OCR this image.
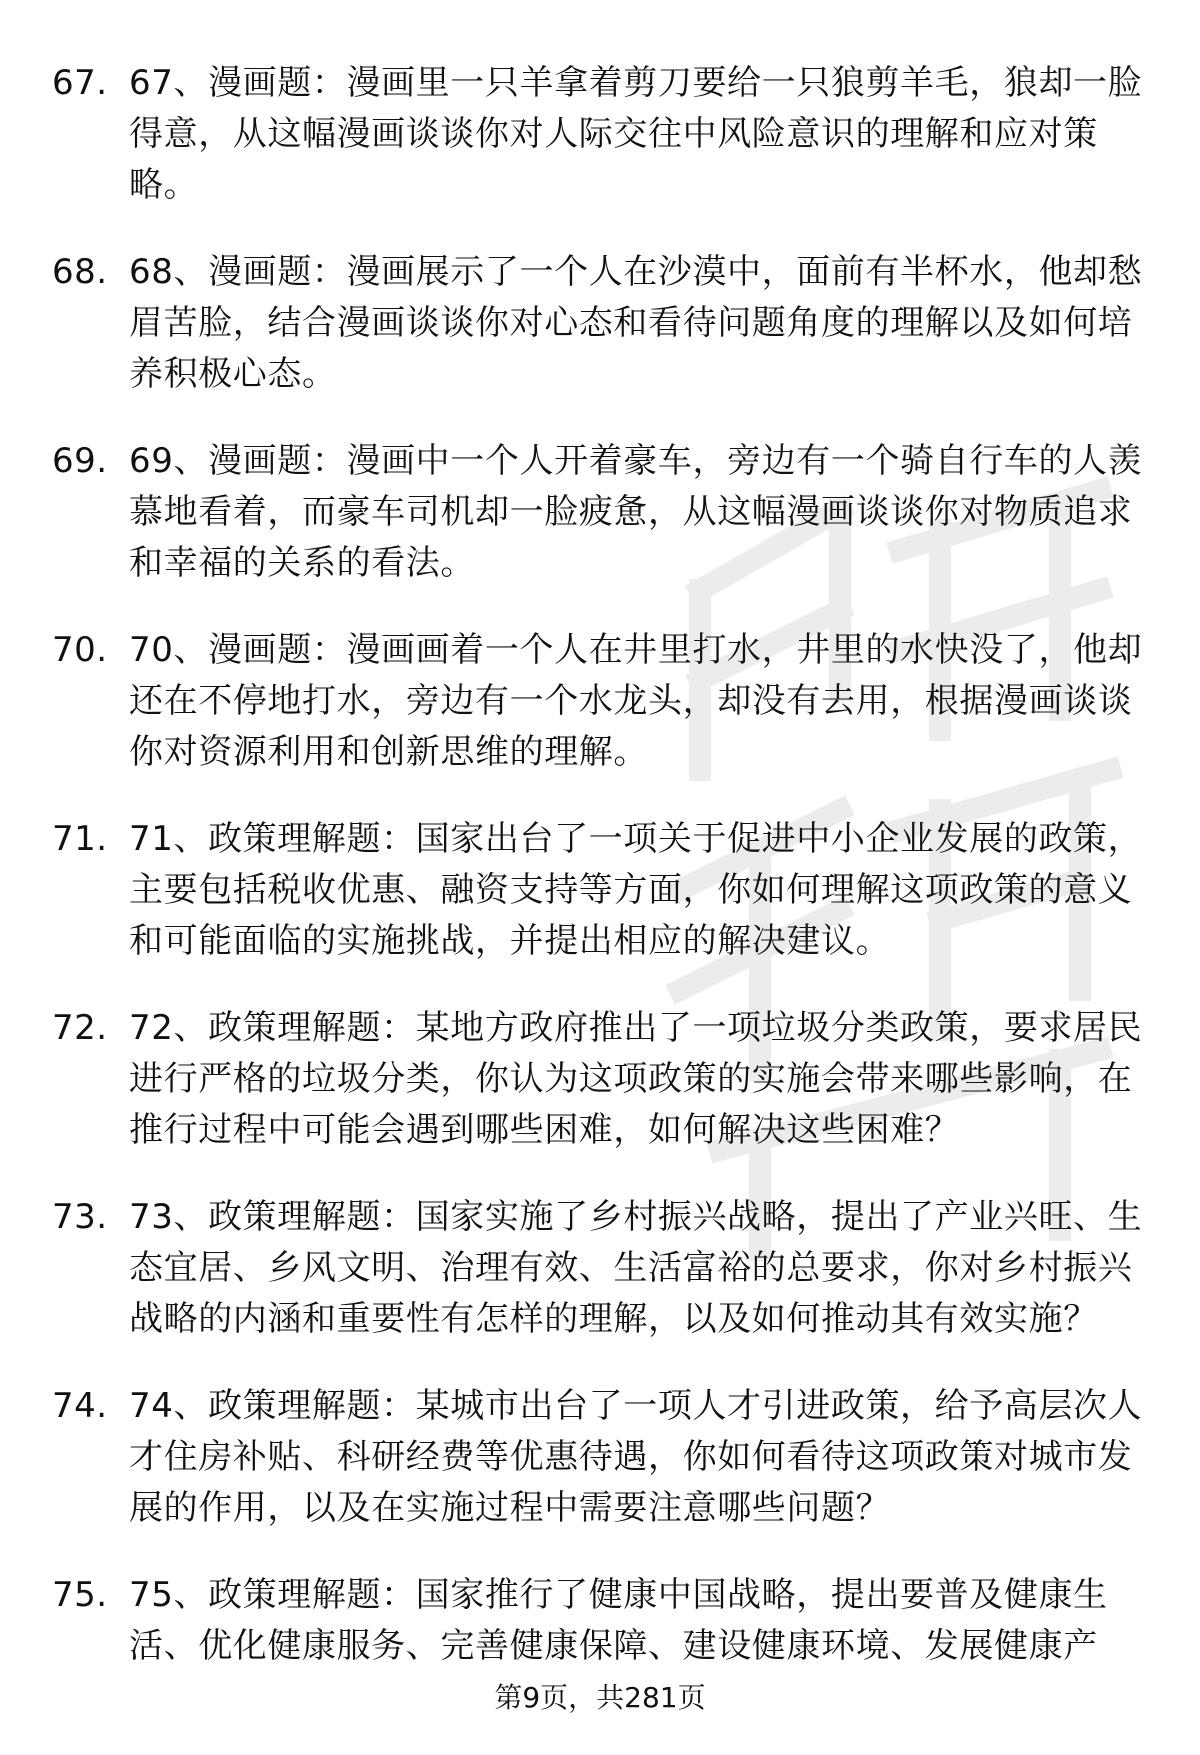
67. 67、漫画题：漫画里一只羊拿着剪刀要给一只狼剪羊毛，狼却一脸得意，从这幅漫画谈谈你对人际交往中风险意识的理解和应对策略。
68. 68、漫画题：漫画展示了一个人在沙漠中，面前有半杯水，他却愁眉苦脸，结合漫画谈谈你对心态和看待问题角度的理解以及如何培养积极心态。
69. 69、漫画题：漫画中一个人开着豪车，旁边有一个骑自行车的人羡慕地看着，而豪车司机却一脸疲惫，从这幅漫画谈谈你对物质追求和幸福的关系的看法。
70. 70、漫画题：漫画画着一个人在井里打水，井里的水快没了，他却还在不停地打水，旁边有一个水龙头，却没有去用，根据漫画谈谈你对资源利用和创新思维的理解。
71. 71、政策理解题：国家出台了一项关于促进中小企业发展的政策，主要包括税收优惠、融资支持等方面，你如何理解这项政策的意义和可能面临的实施挑战，并提出相应的解决建议。
72. 72、政策理解题：某地方政府推出了一项垃圾分类政策，要求居民进行严格的垃圾分类，你认为这项政策的实施会带来哪些影响，在推行过程中可能会遇到哪些困难，如何解决这些困难？
73. 73、政策理解题：国家实施了乡村振兴战略，提出了产业兴旺、生态宜居、乡风文明、治理有效、生活富裕的总要求，你对乡村振兴战略的内涵和重要性有怎样的理解，以及如何推动其有效实施？
74. 74、政策理解题：某城市出台了一项人才引进政策，给予高层次人才住房补贴、科研经费等优惠待遇，你如何看待这项政策对城市发展的作用，以及在实施过程中需要注意哪些问题？
75. 75、政策理解题：国家推行了健康中国战略，提出要普及健康生活、优化健康服务、完善健康保障、建设健康环境、发展健康产
第9页，共281页
